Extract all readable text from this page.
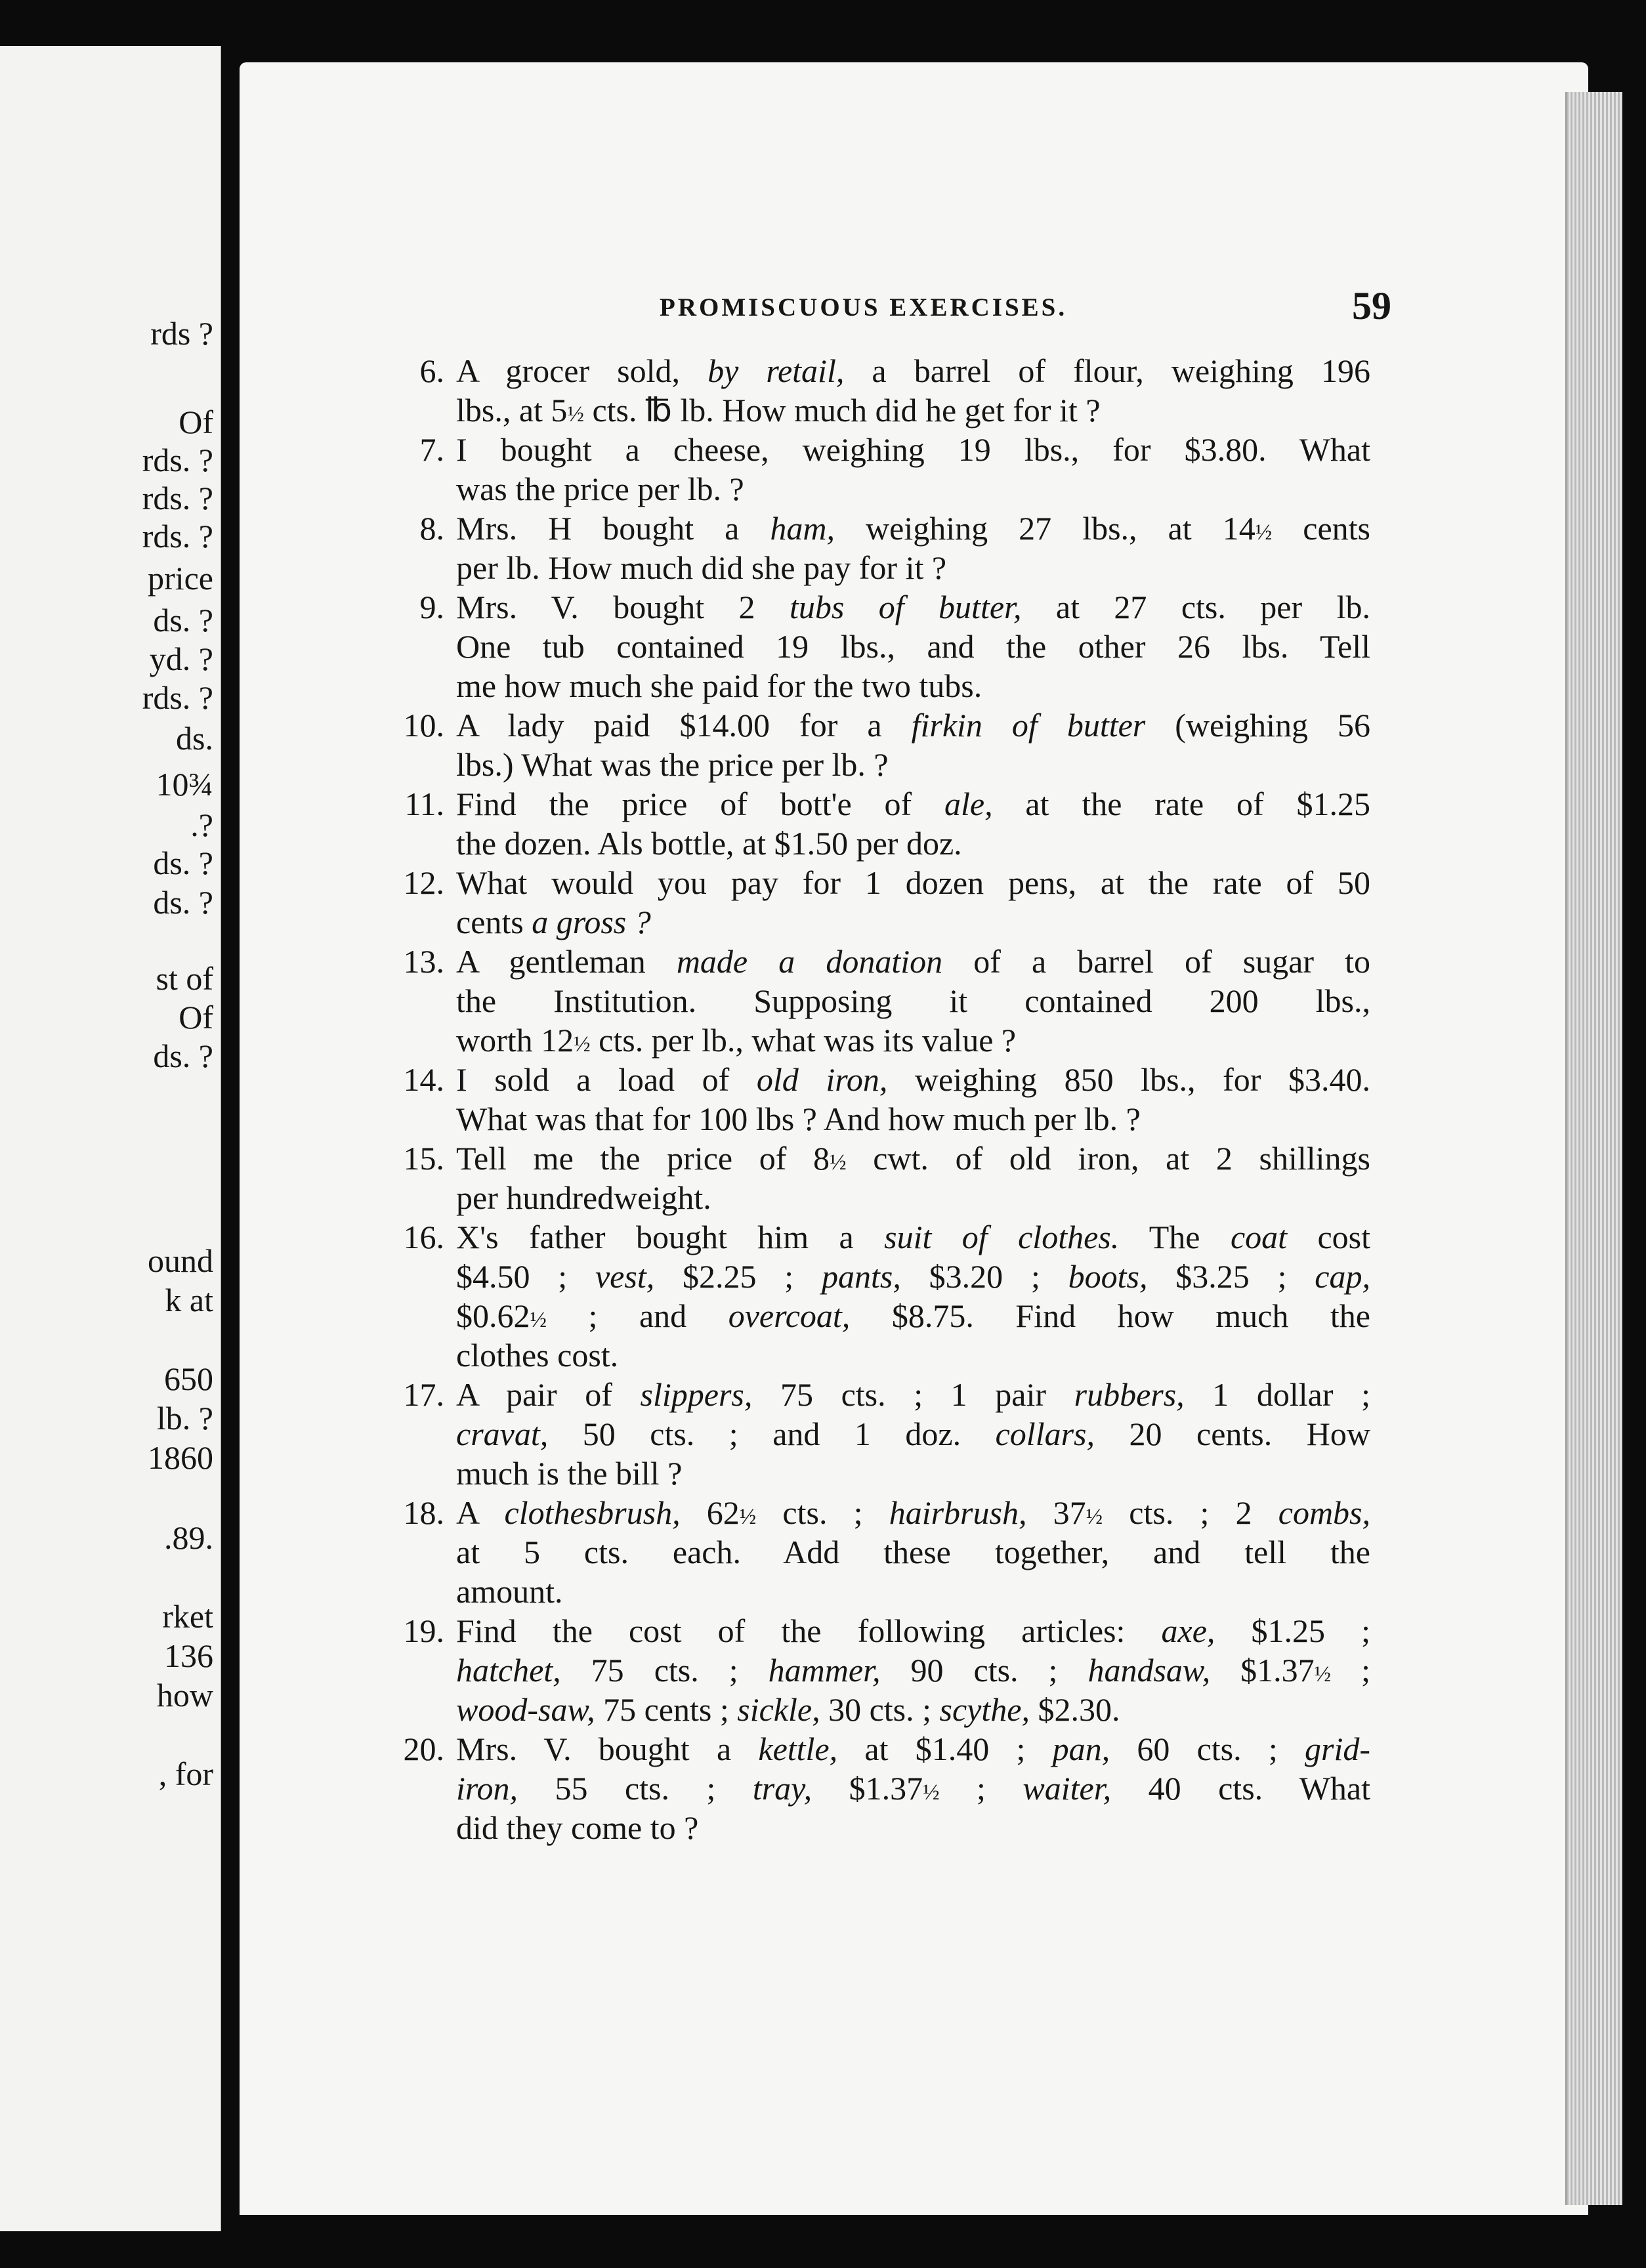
rds ?
Of
rds. ?
rds. ?
rds. ?
price
ds. ?
yd. ?
rds. ?
ds.
10¾
.?
ds. ?
ds. ?
st of
Of
ds. ?
ound
k at
650
lb. ?
1860
.89.
rket
136
how
, for
PROMISCUOUS EXERCISES.	59
6. A grocer sold, by retail, a barrel of flour, weighing 196
lbs., at 5½ cts. ℔ lb. How much did he get for it ?
7. I bought a cheese, weighing 19 lbs., for $3.80. What
was the price per lb. ?
8. Mrs. H bought a ham, weighing 27 lbs., at 14½ cents
per lb. How much did she pay for it ?
9. Mrs. V. bought 2 tubs of butter, at 27 cts. per lb.
One tub contained 19 lbs., and the other 26 lbs. Tell
me how much she paid for the two tubs.
10. A lady paid $14.00 for a firkin of butter (weighing 56
lbs.) What was the price per lb. ?
11. Find the price of bott'e of ale, at the rate of $1.25
the dozen. Als bottle, at $1.50 per doz.
12. What would you pay for 1 dozen pens, at the rate of 50
cents a gross ?
13. A gentleman made a donation of a barrel of sugar to
the Institution. Supposing it contained 200 lbs.,
worth 12½ cts. per lb., what was its value ?
14. I sold a load of old iron, weighing 850 lbs., for $3.40.
What was that for 100 lbs ? And how much per lb. ?
15. Tell me the price of 8½ cwt. of old iron, at 2 shillings
per hundredweight.
16. X's father bought him a suit of clothes. The coat cost
$4.50 ; vest, $2.25 ; pants, $3.20 ; boots, $3.25 ; cap,
$0.62½ ; and overcoat, $8.75. Find how much the
clothes cost.
17. A pair of slippers, 75 cts. ; 1 pair rubbers, 1 dollar ;
cravat, 50 cts. ; and 1 doz. collars, 20 cents. How
much is the bill ?
18. A clothesbrush, 62½ cts. ; hairbrush, 37½ cts. ; 2 combs,
at 5 cts. each. Add these together, and tell the
amount.
19. Find the cost of the following articles: axe, $1.25 ;
hatchet, 75 cts. ; hammer, 90 cts. ; handsaw, $1.37½ ;
wood-saw, 75 cents ; sickle, 30 cts. ; scythe, $2.30.
20. Mrs. V. bought a kettle, at $1.40 ; pan, 60 cts. ; grid-
iron, 55 cts. ; tray, $1.37½ ; waiter, 40 cts. What
did they come to ?
